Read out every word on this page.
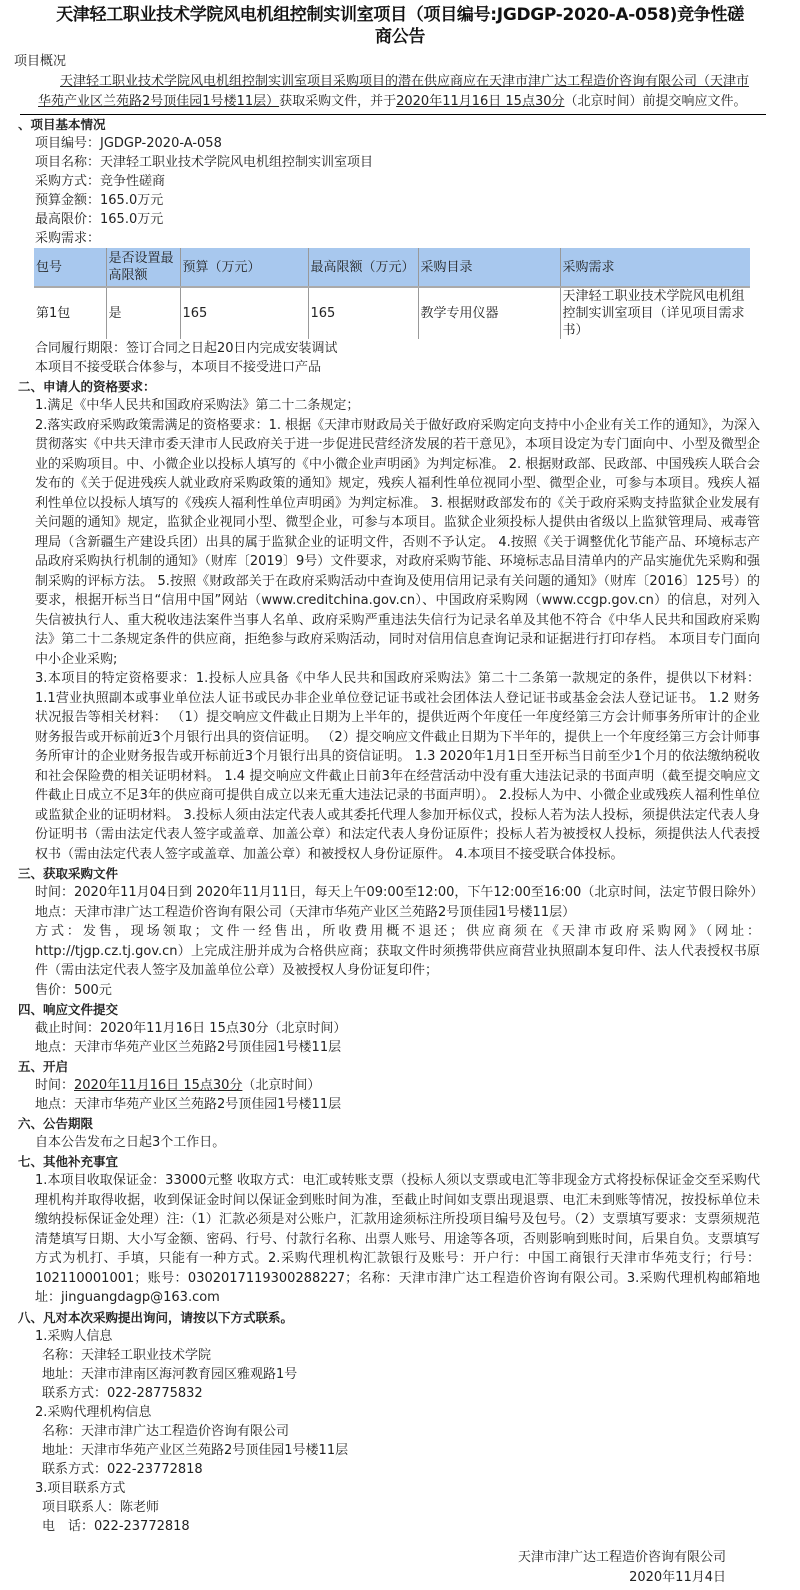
天津轻工职业技术学院风电机组控制实训室项目（项目编号:JGDGP-2020-A-058)竞争性磋
商公告
项目概况
天津轻工职业技术学院风电机组控制实训室项目采购项目的潜在供应商应在天津市津广达工程造价咨询有限公司（天津市华苑产业区兰苑路2号顶佳园1号楼11层）获取采购文件，并于2020年11月16日 15点30分（北京时间）前提交响应文件。
、项目基本情况
项目编号：JGDGP-2020-A-058
项目名称：天津轻工职业技术学院风电机组控制实训室项目
采购方式：竞争性磋商
预算金额：165.0万元
最高限价：165.0万元
采购需求：
包号	是否设置最高限额	预算（万元）	最高限额（万元）	采购目录	采购需求
第1包	是	165	165	教学专用仪器	天津轻工职业技术学院风电机组控制实训室项目（详见项目需求书）
合同履行期限：签订合同之日起20日内完成安装调试
本项目不接受联合体参与，本项目不接受进口产品
二、申请人的资格要求：
1.满足《中华人民共和国政府采购法》第二十二条规定；
2.落实政府采购政策需满足的资格要求：1. 根据《天津市财政局关于做好政府采购定向支持中小企业有关工作的通知》，为深入贯彻落实《中共天津市委天津市人民政府关于进一步促进民营经济发展的若干意见》，本项目设定为专门面向中、小型及微型企业的采购项目。中、小微企业以投标人填写的《中小微企业声明函》为判定标准。 2. 根据财政部、民政部、中国残疾人联合会发布的《关于促进残疾人就业政府采购政策的通知》规定，残疾人福利性单位视同小型、微型企业，可参与本项目。残疾人福利性单位以投标人填写的《残疾人福利性单位声明函》为判定标准。 3. 根据财政部发布的《关于政府采购支持监狱企业发展有关问题的通知》规定，监狱企业视同小型、微型企业，可参与本项目。监狱企业须投标人提供由省级以上监狱管理局、戒毒管理局（含新疆生产建设兵团）出具的属于监狱企业的证明文件，否则不予认定。 4.按照《关于调整优化节能产品、环境标志产品政府采购执行机制的通知》（财库〔2019〕9号）文件要求，对政府采购节能、环境标志品目清单内的产品实施优先采购和强制采购的评标方法。 5.按照《财政部关于在政府采购活动中查询及使用信用记录有关问题的通知》（财库〔2016〕125号）的要求，根据开标当日“信用中国”网站（www.creditchina.gov.cn）、中国政府采购网（www.ccgp.gov.cn）的信息，对列入失信被执行人、重大税收违法案件当事人名单、政府采购严重违法失信行为记录名单及其他不符合《中华人民共和国政府采购法》第二十二条规定条件的供应商，拒绝参与政府采购活动，同时对信用信息查询记录和证据进行打印存档。 本项目专门面向中小企业采购;
3.本项目的特定资格要求：1.投标人应具备《中华人民共和国政府采购法》第二十二条第一款规定的条件，提供以下材料： 1.1营业执照副本或事业单位法人证书或民办非企业单位登记证书或社会团体法人登记证书或基金会法人登记证书。 1.2 财务状况报告等相关材料： （1）提交响应文件截止日期为上半年的，提供近两个年度任一年度经第三方会计师事务所审计的企业财务报告或开标前近3个月银行出具的资信证明。 （2）提交响应文件截止日期为下半年的，提供上一个年度经第三方会计师事务所审计的企业财务报告或开标前近3个月银行出具的资信证明。 1.3 2020年1月1日至开标当日前至少1个月的依法缴纳税收和社会保险费的相关证明材料。 1.4 提交响应文件截止日前3年在经营活动中没有重大违法记录的书面声明（截至提交响应文件截止日成立不足3年的供应商可提供自成立以来无重大违法记录的书面声明）。 2.投标人为中、小微企业或残疾人福利性单位或监狱企业的证明材料。 3.投标人须由法定代表人或其委托代理人参加开标仪式，投标人若为法人投标，须提供法定代表人身份证明书（需由法定代表人签字或盖章、加盖公章）和法定代表人身份证原件；投标人若为被授权人投标，须提供法人代表授权书（需由法定代表人签字或盖章、加盖公章）和被授权人身份证原件。 4.本项目不接受联合体投标。
三、获取采购文件
时间：2020年11月04日到 2020年11月11日，每天上午09:00至12:00，下午12:00至16:00（北京时间，法定节假日除外）
地点：天津市津广达工程造价咨询有限公司（天津市华苑产业区兰苑路2号顶佳园1号楼11层）
方式：发售，现场领取；文件一经售出，所收费用概不退还；供应商须在《天津市政府采购网》（网址：http://tjgp.cz.tj.gov.cn）上完成注册并成为合格供应商；获取文件时须携带供应商营业执照副本复印件、法人代表授权书原件（需由法定代表人签字及加盖单位公章）及被授权人身份证复印件；
售价：500元
四、响应文件提交
截止时间：2020年11月16日 15点30分（北京时间）
地点：天津市华苑产业区兰苑路2号顶佳园1号楼11层
五、开启
时间：2020年11月16日 15点30分（北京时间）
地点：天津市华苑产业区兰苑路2号顶佳园1号楼11层
六、公告期限
自本公告发布之日起3个工作日。
七、其他补充事宜
1.本项目收取保证金：33000元整 收取方式：电汇或转账支票（投标人须以支票或电汇等非现金方式将投标保证金交至采购代理机构并取得收据，收到保证金时间以保证金到账时间为准，至截止时间如支票出现退票、电汇未到账等情况，按投标单位未缴纳投标保证金处理）注:（1）汇款必须是对公账户，汇款用途须标注所投项目编号及包号。（2）支票填写要求：支票须规范清楚填写日期、大小写金额、密码、行号、付款行名称、出票人账号、用途等各项，否则影响到账时间，后果自负。支票填写方式为机打、手填，只能有一种方式。2.采购代理机构汇款银行及账号：开户行：中国工商银行天津市华苑支行；行号：102110001001；账号：0302017119300288227；名称：天津市津广达工程造价咨询有限公司。3.采购代理机构邮箱地址：jinguangdagp@163.com
八、凡对本次采购提出询问，请按以下方式联系。
1.采购人信息
名称：天津轻工职业技术学院
地址：天津市津南区海河教育园区雅观路1号
联系方式：022-28775832
2.采购代理机构信息
名称：天津市津广达工程造价咨询有限公司
地址：天津市华苑产业区兰苑路2号顶佳园1号楼11层
联系方式：022-23772818
3.项目联系方式
项目联系人：陈老师
电　话：022-23772818
天津市津广达工程造价咨询有限公司
2020年11月4日
